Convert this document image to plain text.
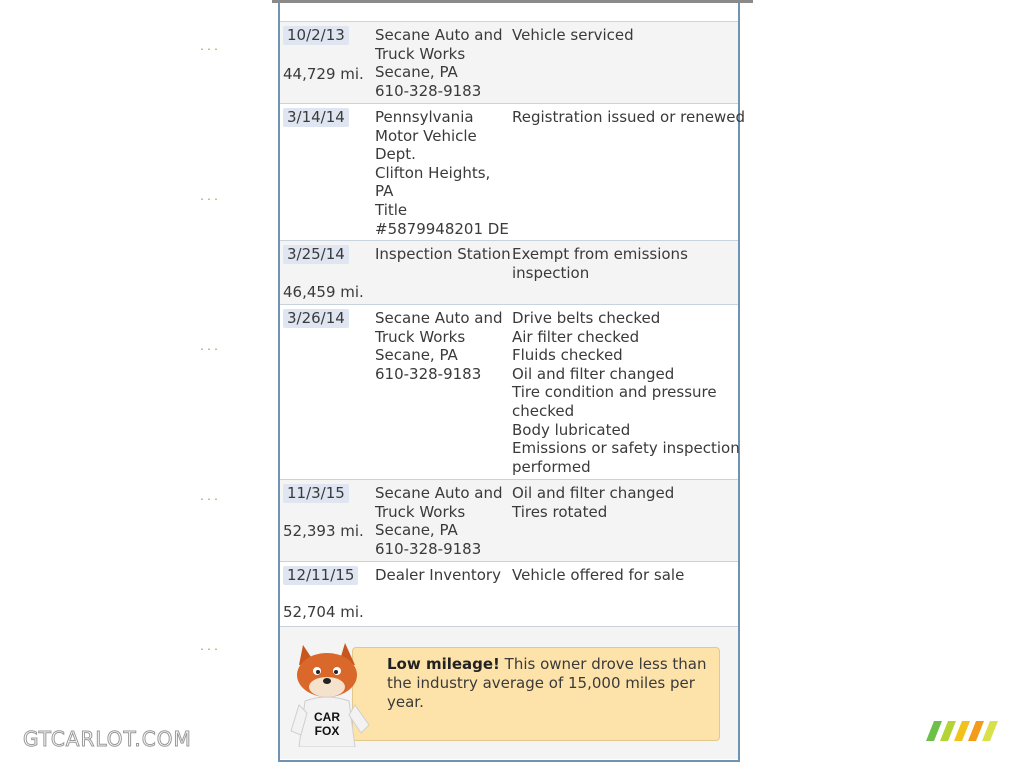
...
...
...
...
...
10/2/13
44,729 mi.
Secane Auto and
Truck Works
Secane, PA
610-328-9183
Vehicle serviced
3/14/14 Pennsylvania
Motor Vehicle
Dept.
Clifton Heights,
PA
Title
#5879948201 DE
Registration issued or renewed
3/25/14
46,459 mi.
Inspection Station Exempt from emissions
inspection
3/26/14 Secane Auto and
Truck Works
Secane, PA
610-328-9183
Drive belts checked
Air filter checked
Fluids checked
Oil and filter changed
Tire condition and pressure
checked
Body lubricated
Emissions or safety inspection
performed
11/3/15
52,393 mi.
Secane Auto and
Truck Works
Secane, PA
610-328-9183
Oil and filter changed
Tires rotated
12/11/15
52,704 mi.
Dealer Inventory Vehicle offered for sale
Low mileage! This owner drove less than the industry average of 15,000 miles per year.
CAR
FOX
GTCARLOT.COM
